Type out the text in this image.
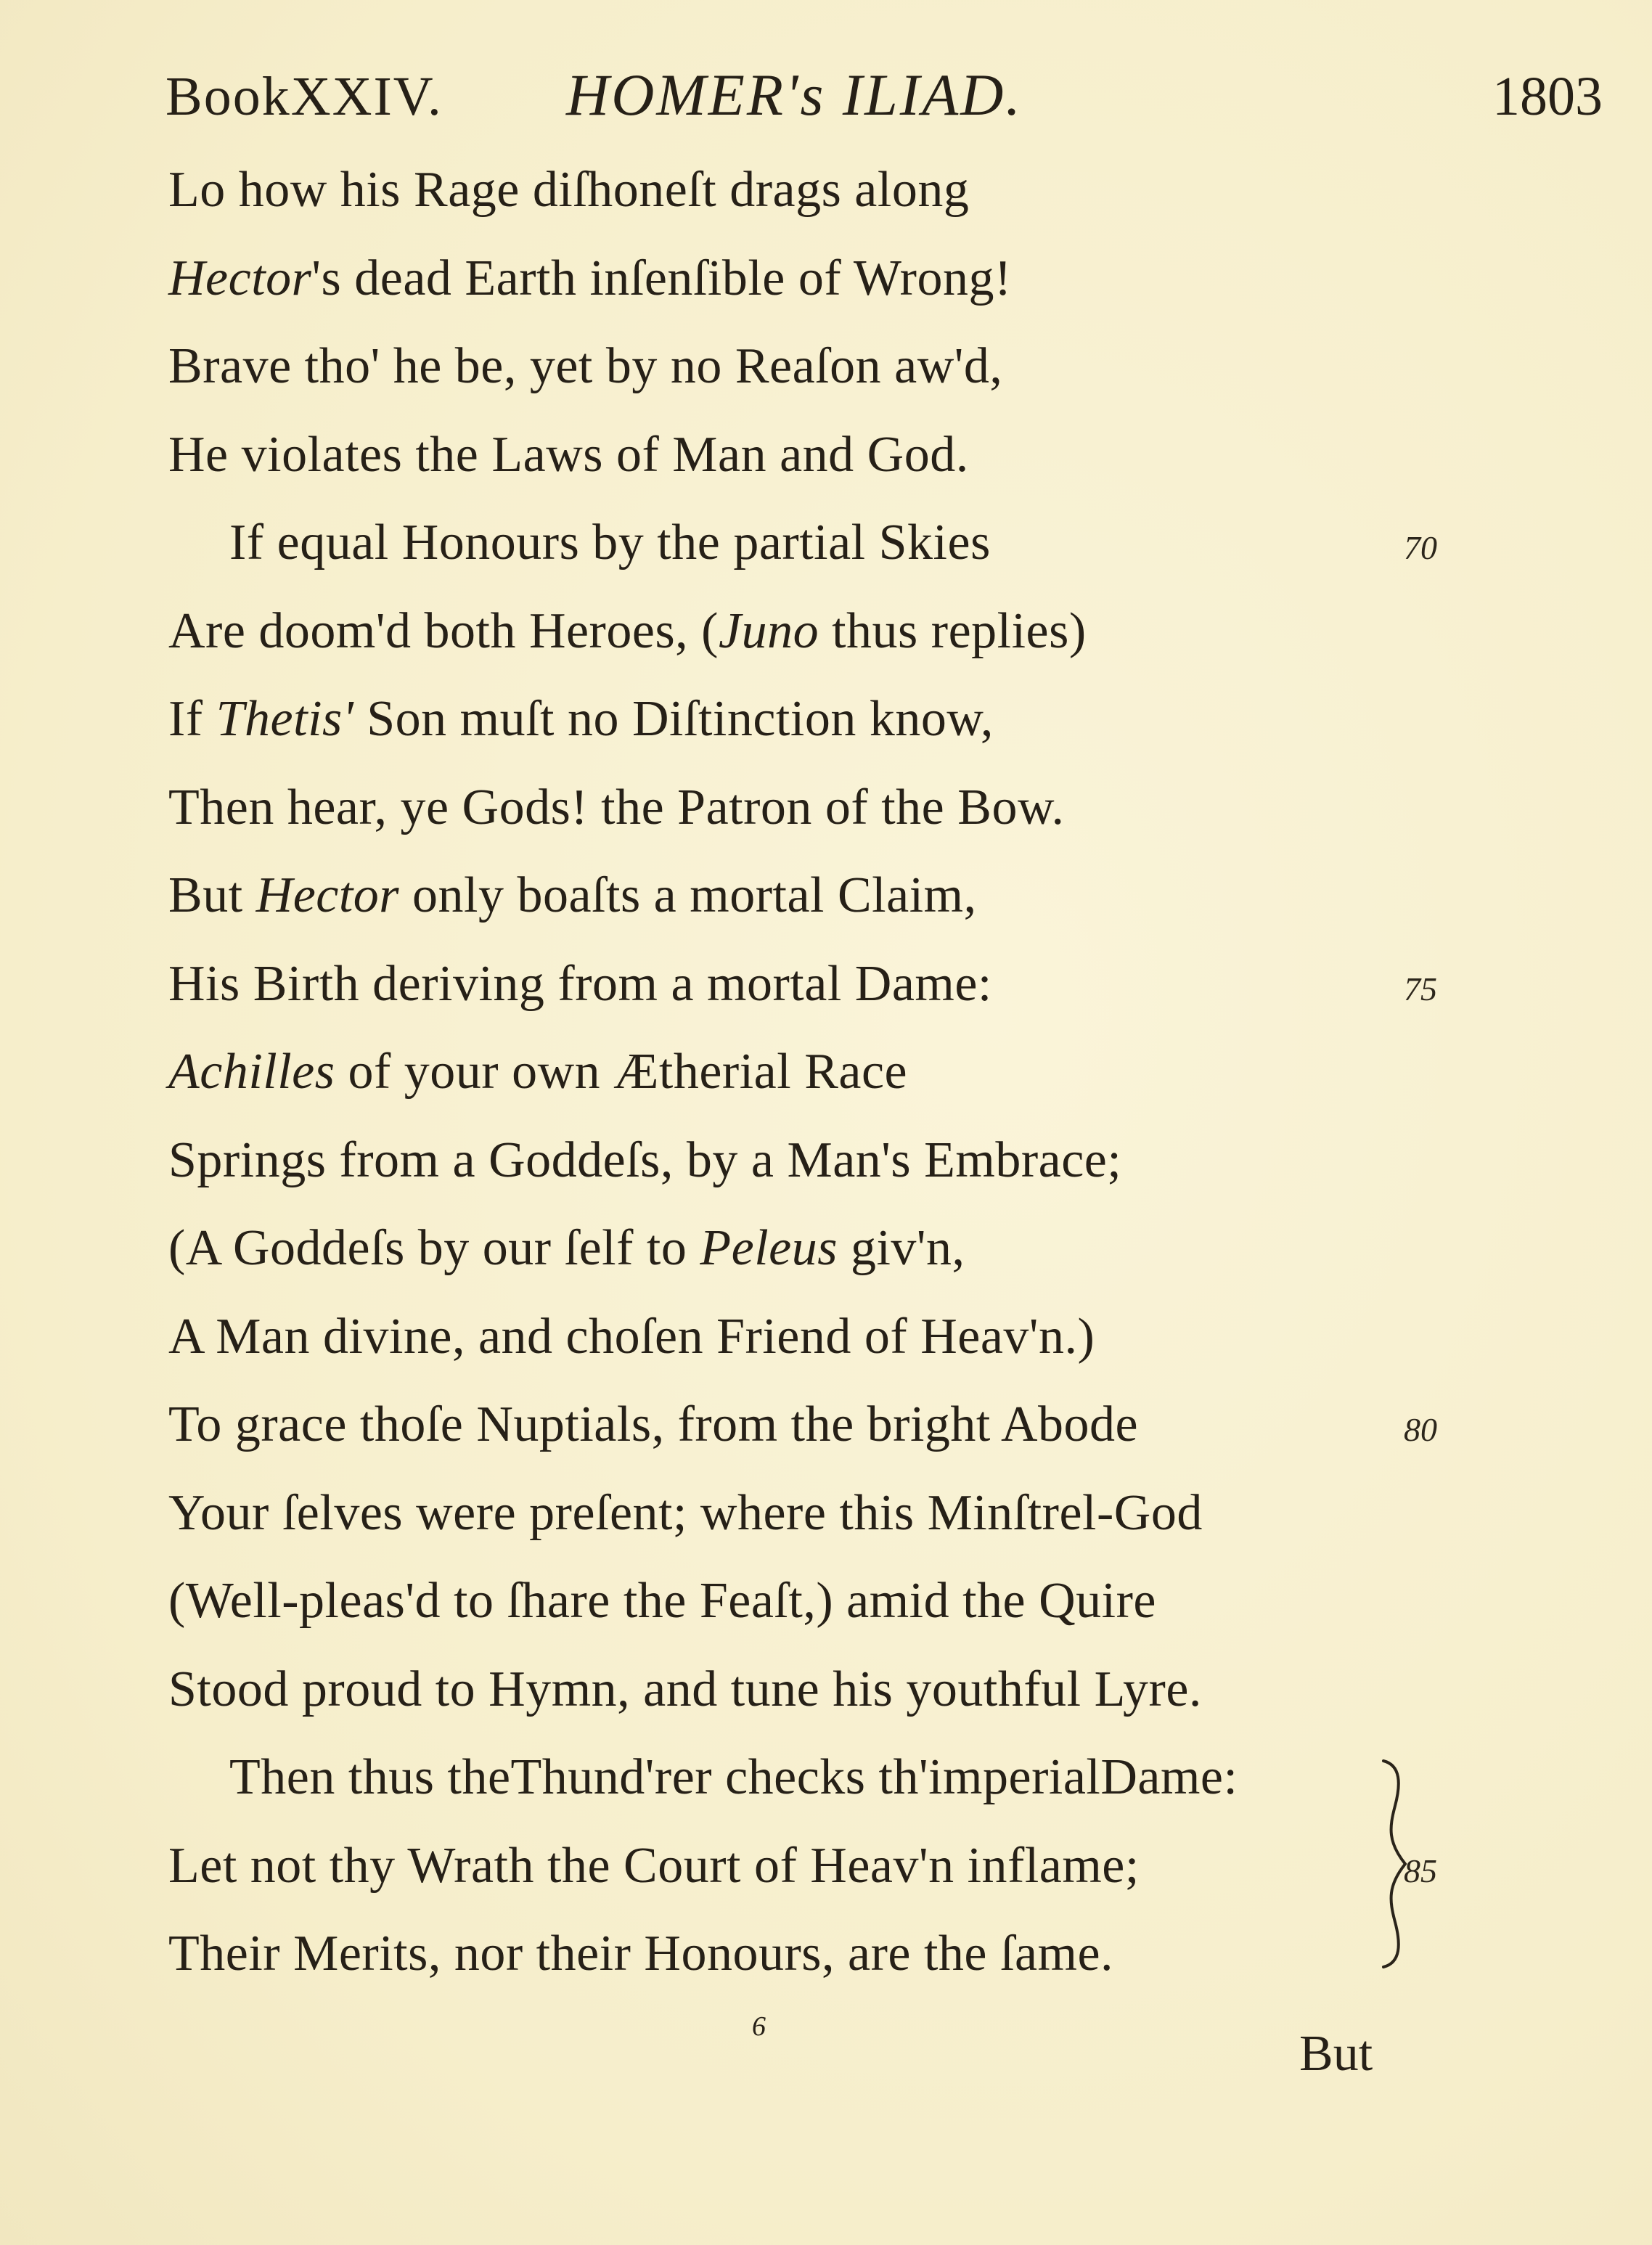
BookXXIV. HOMER's ILIAD.	1803
Lo how his Rage diſhoneſt drags along
Hector's dead Earth inſenſible of Wrong!
Brave tho' he be, yet by no Reaſon aw'd,
He violates the Laws of Man and God.
If equal Honours by the partial Skies	70
Are doom'd both Heroes, (Juno thus replies)
If Thetis' Son muſt no Diſtinction know,
Then hear, ye Gods! the Patron of the Bow.
But Hector only boaſts a mortal Claim,
His Birth deriving from a mortal Dame:	75
Achilles of your own Ætherial Race
Springs from a Goddeſs, by a Man's Embrace;
(A Goddeſs by our ſelf to Peleus giv'n,
A Man divine, and choſen Friend of Heav'n.)
To grace thoſe Nuptials, from the bright Abode	80
Your ſelves were preſent; where this Minſtrel-God
(Well-pleas'd to ſhare the Feaſt,) amid the Quire
Stood proud to Hymn, and tune his youthful Lyre.
Then thus theThund'rer checks th'imperialDame:
Let not thy Wrath the Court of Heav'n inflame;	85
Their Merits, nor their Honours, are the ſame.
6	But
